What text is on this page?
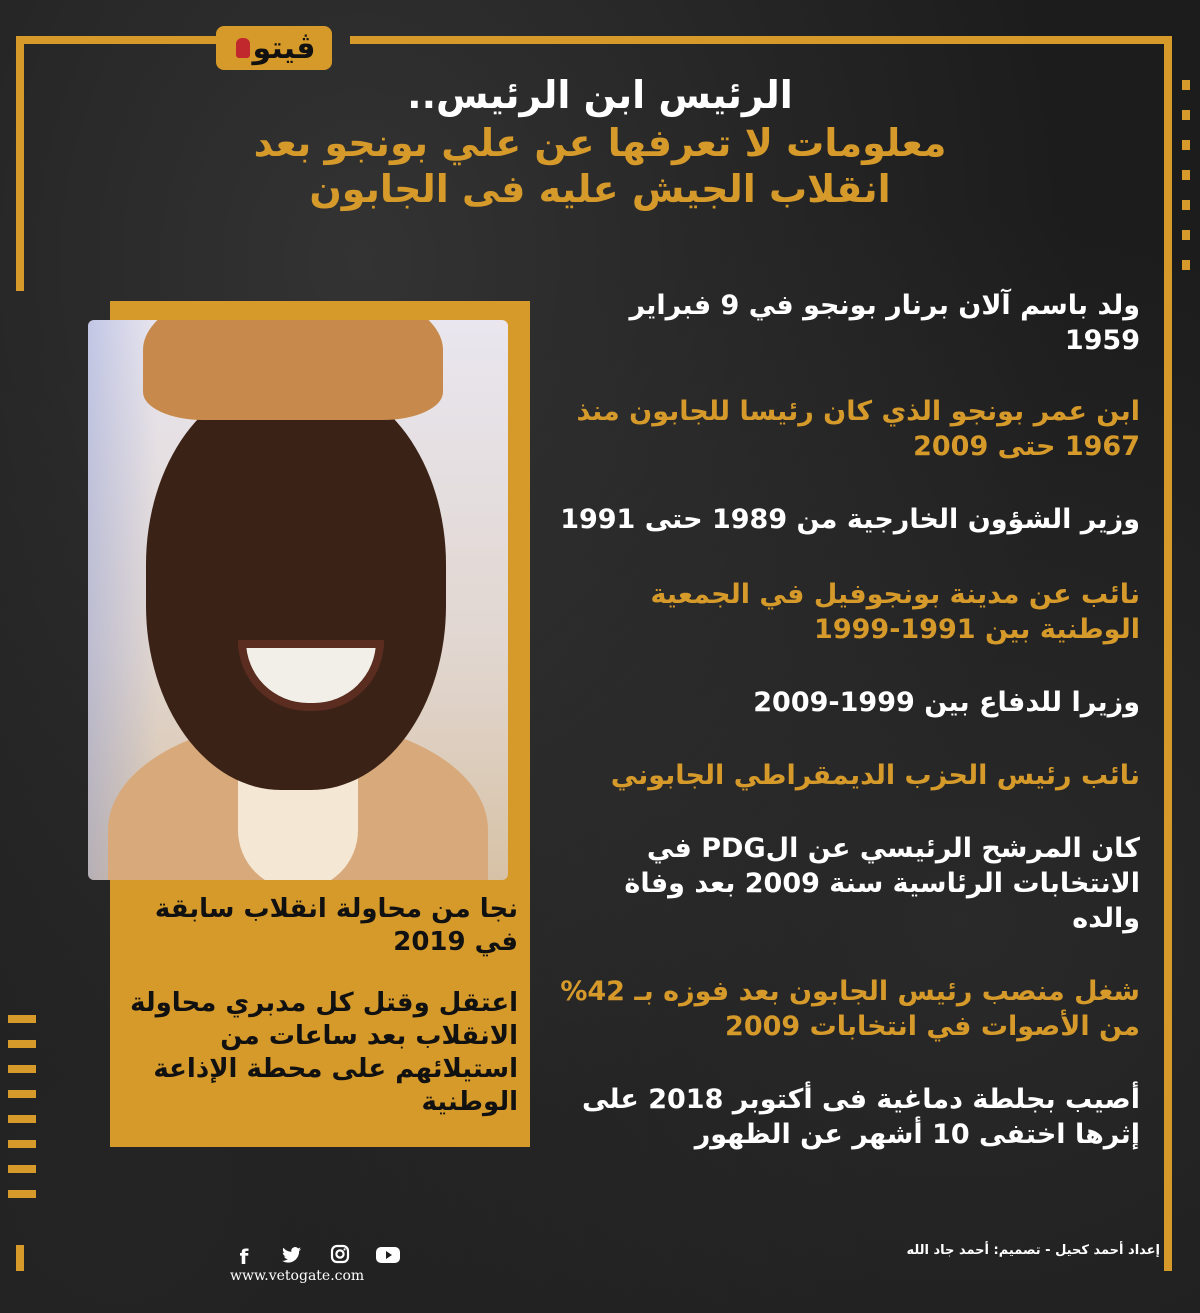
ڤيتو
الرئيس ابن الرئيس..
معلومات لا تعرفها عن علي بونجو بعد
انقلاب الجيش عليه فى الجابون

ولد باسم آلان برنار بونجو في 9 فبراير 1959

ابن عمر بونجو الذي كان رئيسا للجابون منذ 1967 حتى 2009

وزير الشؤون الخارجية من 1989 حتى 1991

نائب عن مدينة بونجوفيل في الجمعية الوطنية بين 1991-1999

وزيرا للدفاع بين 1999-2009

نائب رئيس الحزب الديمقراطي الجابوني

كان المرشح الرئيسي عن الPDG في الانتخابات الرئاسية سنة 2009 بعد وفاة والده

شغل منصب رئيس الجابون بعد فوزه بـ 42% من الأصوات في انتخابات 2009

أصيب بجلطة دماغية فى أكتوبر 2018 على إثرها اختفى 10 أشهر عن الظهور

نجا من محاولة انقلاب سابقة في 2019

اعتقل وقتل كل مدبري محاولة الانقلاب بعد ساعات من استيلائهم على محطة الإذاعة الوطنية

f
www.vetogate.com
إعداد أحمد كحيل - تصميم: أحمد جاد الله
